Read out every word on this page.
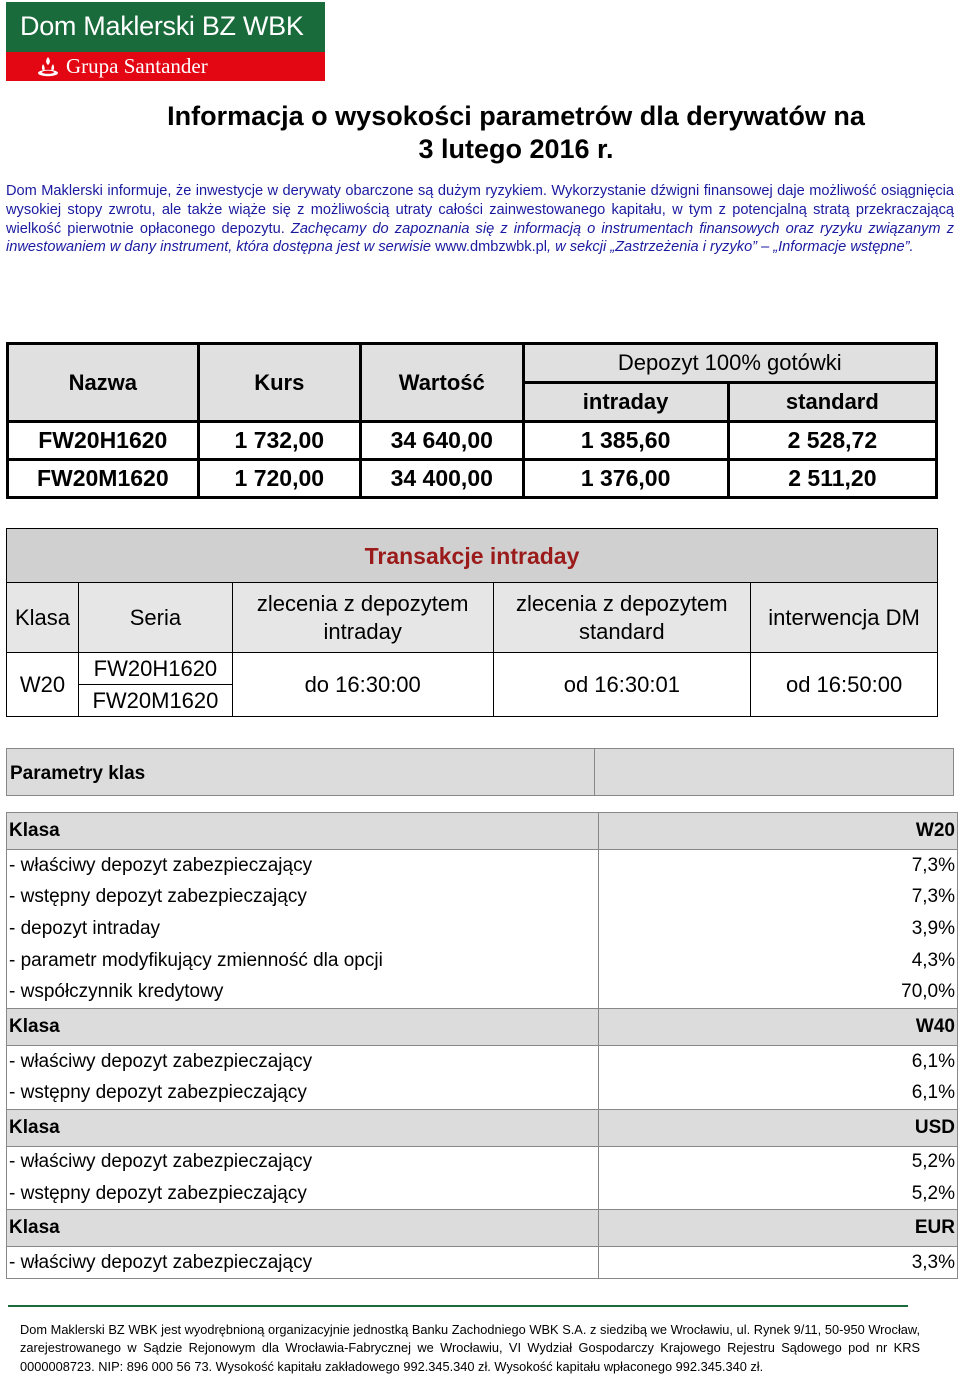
Dom Maklerski BZ WBK
Grupa Santander
Informacja o wysokości parametrów dla derywatów na
3 lutego 2016 r.
Dom Maklerski informuje, że inwestycje w derywaty obarczone są dużym ryzykiem. Wykorzystanie dźwigni finansowej daje możliwość osiągnięcia wysokiej stopy zwrotu, ale także wiąże się z możliwością utraty całości zainwestowanego kapitału, w tym z potencjalną stratą przekraczającą wielkość pierwotnie opłaconego depozytu. Zachęcamy do zapoznania się z informacją o instrumentach finansowych oraz ryzyku związanym z inwestowaniem w dany instrument, która dostępna jest w serwisie www.dmbzwbk.pl, w sekcji „Zastrzeżenia i ryzyko” – „Informacje wstępne”.
Nazwa	Kurs	Wartość	Depozyt 100% gotówki	
			intraday	standard
FW20H1620	1 732,00	34 640,00	1 385,60	2 528,72
FW20M1620	1 720,00	34 400,00	1 376,00	2 511,20
Transakcje intraday				
Klasa	Seria	zlecenia z depozytem intraday	zlecenia z depozytem standard	interwencja DM
W20	FW20H1620	do 16:30:00	od 16:30:01	od 16:50:00
	FW20M1620			
Parametry klas
Klasa	W20
- właściwy depozyt zabezpieczający	7,3%
- wstępny depozyt zabezpieczający	7,3%
- depozyt intraday	3,9%
- parametr modyfikujący zmienność dla opcji	4,3%
- współczynnik kredytowy	70,0%
Klasa	W40
- właściwy depozyt zabezpieczający	6,1%
- wstępny depozyt zabezpieczający	6,1%
Klasa	USD
- właściwy depozyt zabezpieczający	5,2%
- wstępny depozyt zabezpieczający	5,2%
Klasa	EUR
- właściwy depozyt zabezpieczający	3,3%
Dom Maklerski BZ WBK jest wyodrębnioną organizacyjnie jednostką Banku Zachodniego WBK S.A. z siedzibą we Wrocławiu, ul. Rynek 9/11, 50-950 Wrocław, zarejestrowanego w Sądzie Rejonowym dla Wrocławia-Fabrycznej we Wrocławiu, VI Wydział Gospodarczy Krajowego Rejestru Sądowego pod nr KRS 0000008723. NIP: 896 000 56 73. Wysokość kapitału zakładowego 992.345.340 zł. Wysokość kapitału wpłaconego 992.345.340 zł.
